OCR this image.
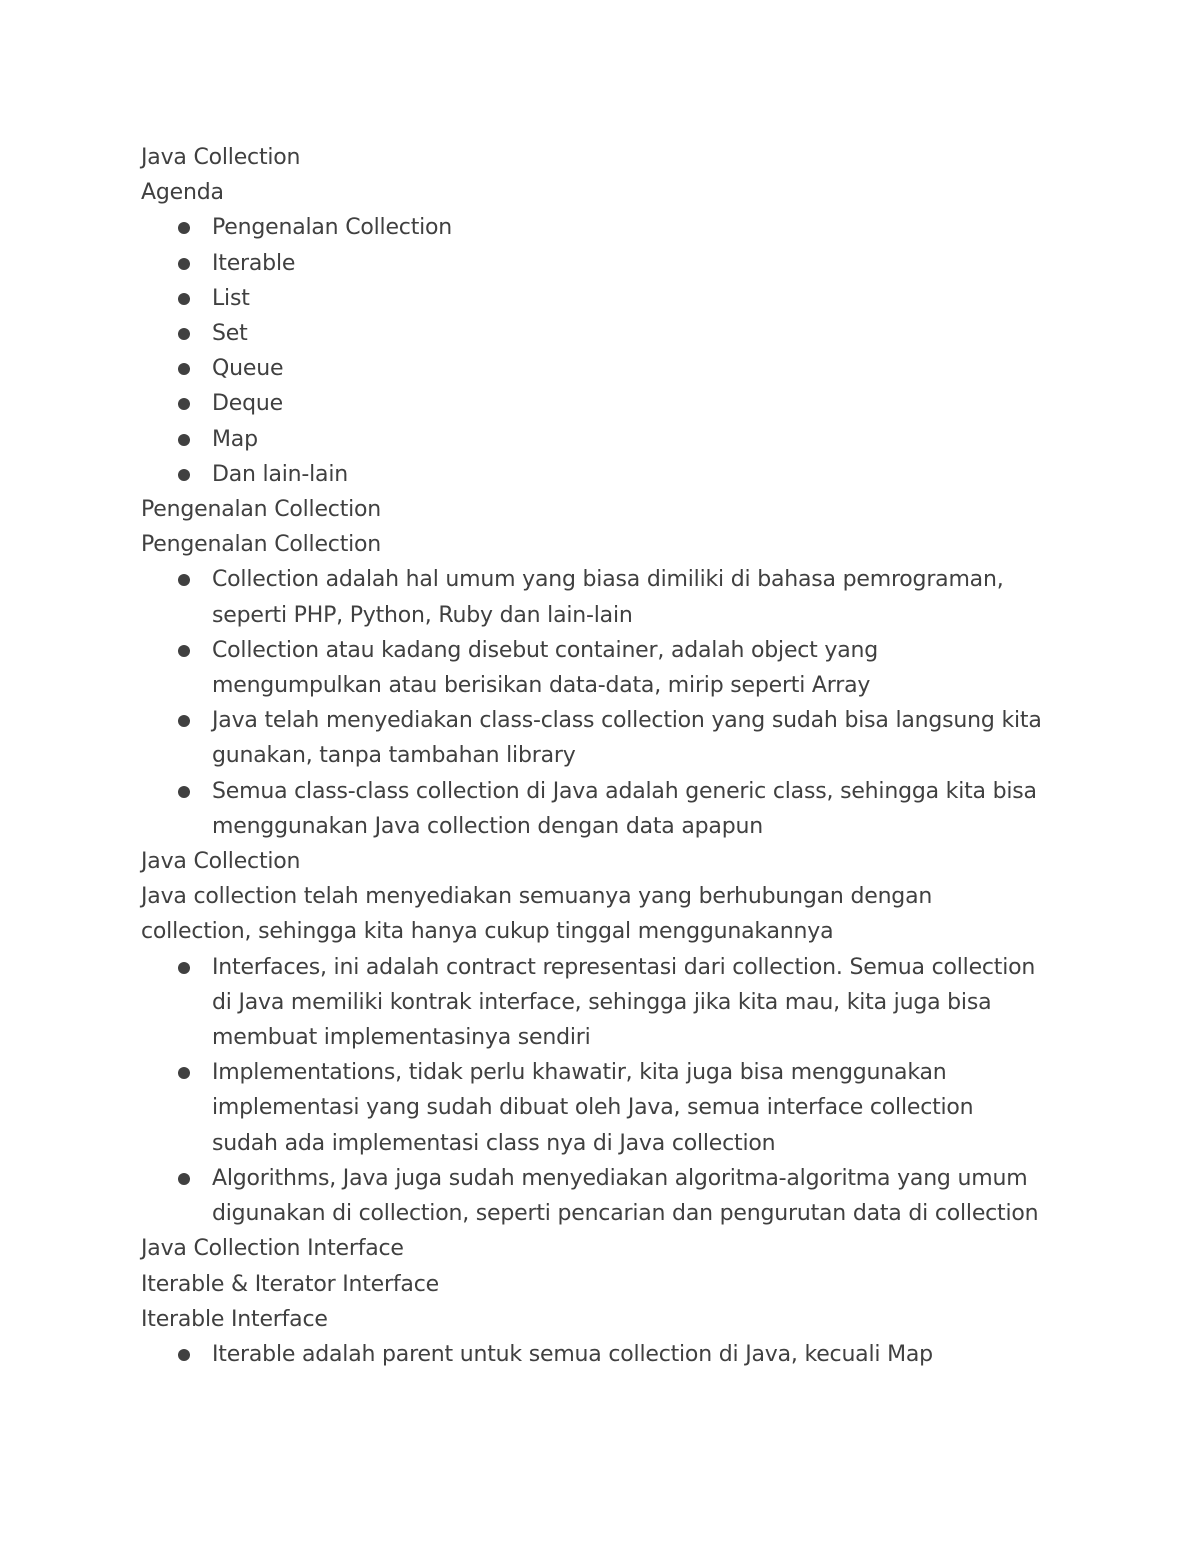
Java Collection
Agenda
Pengenalan Collection
Iterable
List
Set
Queue
Deque
Map
Dan lain-lain
Pengenalan Collection
Pengenalan Collection
Collection adalah hal umum yang biasa dimiliki di bahasa pemrograman,
seperti PHP, Python, Ruby dan lain-lain
Collection atau kadang disebut container, adalah object yang
mengumpulkan atau berisikan data-data, mirip seperti Array
Java telah menyediakan class-class collection yang sudah bisa langsung kita
gunakan, tanpa tambahan library
Semua class-class collection di Java adalah generic class, sehingga kita bisa
menggunakan Java collection dengan data apapun
Java Collection
Java collection telah menyediakan semuanya yang berhubungan dengan
collection, sehingga kita hanya cukup tinggal menggunakannya
Interfaces, ini adalah contract representasi dari collection. Semua collection
di Java memiliki kontrak interface, sehingga jika kita mau, kita juga bisa
membuat implementasinya sendiri
Implementations, tidak perlu khawatir, kita juga bisa menggunakan
implementasi yang sudah dibuat oleh Java, semua interface collection
sudah ada implementasi class nya di Java collection
Algorithms, Java juga sudah menyediakan algoritma-algoritma yang umum
digunakan di collection, seperti pencarian dan pengurutan data di collection
Java Collection Interface
Iterable & Iterator Interface
Iterable Interface
Iterable adalah parent untuk semua collection di Java, kecuali Map
